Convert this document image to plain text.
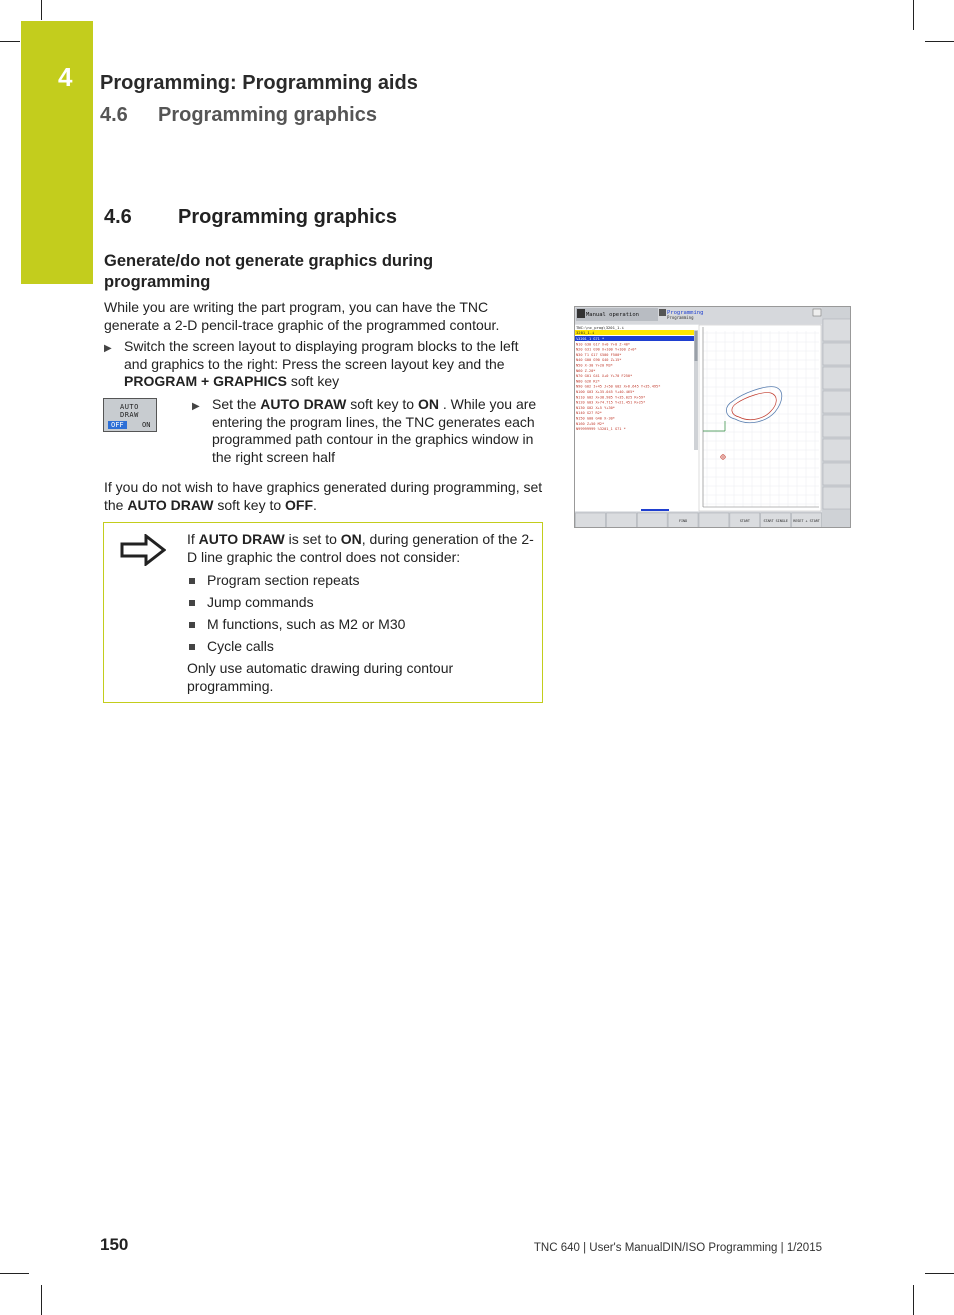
4 Programming: Programming aids
4.6 Programming graphics
4.6 Programming graphics
Generate/do not generate graphics during programming
While you are writing the part program, you can have the TNC generate a 2-D pencil-trace graphic of the programmed contour.
▶ Switch the screen layout to displaying program blocks to the left and graphics to the right: Press the screen layout key and the PROGRAM + GRAPHICS soft key
AUTO
DRAW
OFF	ON
▶ Set the AUTO DRAW soft key to ON . While you are entering the program lines, the TNC generates each programmed path contour in the graphics window in the right screen half
If you do not wish to have graphics generated during programming, set the AUTO DRAW soft key to OFF.
If AUTO DRAW is set to ON, during generation of the 2-D line graphic the control does not consider:
Program section repeats
Jump commands
M functions, such as M2 or M30
Cycle calls
Only use automatic drawing during contour programming.
Manual operation	Programming
Programming
TNC:\nc_prog\3201_1.i
3201_1.i
%3201_1 G71 *
N10 G30 G17 X+0 Y+0 Z-40*
N20 G31 G90 X+100 Y+100 Z+0*
N30 T1 G17 S500 F500*
N40 G00 G90 G40 Z+15*
N50 X-30 Y+20 M3*
N60 Z-20*
N70 G01 G41 X+0 Y+70 F250*
N80 G26 R2*
N90 G02 I+45 J+50 G02 X+6.645 Y+35.495*
N100 G03 X+35.045 Y+40.465*
N110 G02 X+38.985 Y+35.025 R+59*
N120 G03 X+74.715 Y+21.451 R+25*
N130 G02 X+5 Y+30*
N140 G27 R2*
N150 G00 G40 X-30*
N160 Z+50 M2*
N99999999 %3201_1 G71 *
FIND	START	START SINGLE RESET + START
150	TNC 640 | User's ManualDIN/ISO Programming | 1/2015
